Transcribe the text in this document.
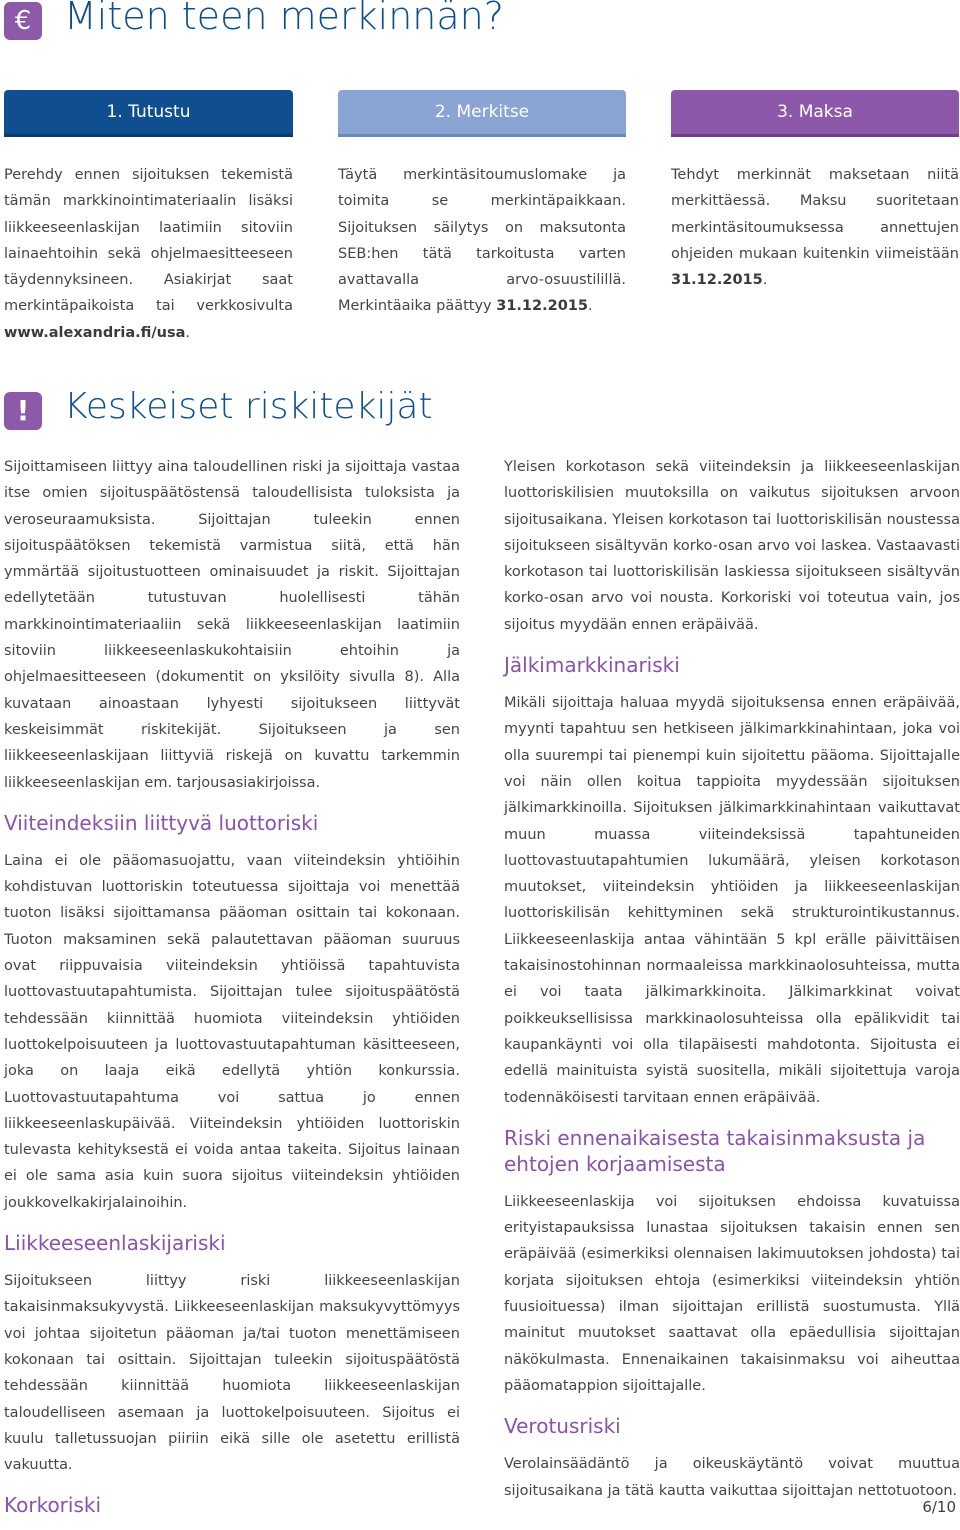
€ Miten teen merkinnän?
1. Tutustu	2. Merkitse	3. Maksa
Perehdy ennen sijoituksen tekemistä tämän markkinointimateriaalin lisäksi liikkeeseenlaskijan laatimiin sitoviin lainaehtoihin sekä ohjelmaesitteeseen täydennyksineen. Asiakirjat saat merkintäpaikoista tai verkkosivulta www.alexandria.fi/usa.
Täytä merkintäsitoumuslomake ja toimita se merkintäpaikkaan. Sijoituksen säilytys on maksutonta SEB:hen tätä tarkoitusta varten avattavalla arvo-osuustilillä. Merkintäaika päättyy 31.12.2015.
Tehdyt merkinnät maksetaan niitä merkittäessä. Maksu suoritetaan merkintäsitoumuksessa annettujen ohjeiden mukaan kuitenkin viimeistään 31.12.2015.
! Keskeiset riskitekijät

Sijoittamiseen liittyy aina taloudellinen riski ja sijoittaja vastaa itse omien sijoituspäätöstensä taloudellisista tuloksista ja veroseuraamuksista. Sijoittajan tuleekin ennen sijoituspäätöksen tekemistä varmistua siitä, että hän ymmärtää sijoitustuotteen ominaisuudet ja riskit. Sijoittajan edellytetään tutustuvan huolellisesti tähän markkinointimateriaaliin sekä liikkeeseenlaskijan laatimiin sitoviin liikkeeseenlaskukohtaisiin ehtoihin ja ohjelmaesitteeseen (dokumentit on yksilöity sivulla 8). Alla kuvataan ainoastaan lyhyesti sijoitukseen liittyvät keskeisimmät riskitekijät. Sijoitukseen ja sen liikkeeseenlaskijaan liittyviä riskejä on kuvattu tarkemmin liikkeeseenlaskijan em. tarjousasiakirjoissa.

Viiteindeksiin liittyvä luottoriski

Laina ei ole pääomasuojattu, vaan viiteindeksin yhtiöihin kohdistuvan luottoriskin toteutuessa sijoittaja voi menettää tuoton lisäksi sijoittamansa pääoman osittain tai kokonaan. Tuoton maksaminen sekä palautettavan pääoman suuruus ovat riippuvaisia viiteindeksin yhtiöissä tapahtuvista luottovastuutapahtumista. Sijoittajan tulee sijoituspäätöstä tehdessään kiinnittää huomiota viiteindeksin yhtiöiden luottokelpoisuuteen ja luottovastuutapahtuman käsitteeseen, joka on laaja eikä edellytä yhtiön konkurssia. Luottovastuutapahtuma voi sattua jo ennen liikkeeseenlaskupäivää. Viiteindeksin yhtiöiden luottoriskin tulevasta kehityksestä ei voida antaa takeita. Sijoitus lainaan ei ole sama asia kuin suora sijoitus viiteindeksin yhtiöiden joukkovelkakirjalainoihin.

Liikkeeseenlaskijariski

Sijoitukseen liittyy riski liikkeeseenlaskijan takaisinmaksukyvystä. Liikkeeseenlaskijan maksukyvyttömyys voi johtaa sijoitetun pääoman ja/tai tuoton menettämiseen kokonaan tai osittain. Sijoittajan tuleekin sijoituspäätöstä tehdessään kiinnittää huomiota liikkeeseenlaskijan taloudelliseen asemaan ja luottokelpoisuuteen. Sijoitus ei kuulu talletussuojan piiriin eikä sille ole asetettu erillistä vakuutta.

Korkoriski

Yleisen korkotason sekä viiteindeksin ja liikkeeseenlaskijan luottoriskilisien muutoksilla on vaikutus sijoituksen arvoon sijoitusaikana. Yleisen korkotason tai luottoriskilisän noustessa sijoitukseen sisältyvän korko-osan arvo voi laskea. Vastaavasti korkotason tai luottoriskilisän laskiessa sijoitukseen sisältyvän korko-osan arvo voi nousta. Korkoriski voi toteutua vain, jos sijoitus myydään ennen eräpäivää.

Jälkimarkkinariski

Mikäli sijoittaja haluaa myydä sijoituksensa ennen eräpäivää, myynti tapahtuu sen hetkiseen jälkimarkkinahintaan, joka voi olla suurempi tai pienempi kuin sijoitettu pääoma. Sijoittajalle voi näin ollen koitua tappioita myydessään sijoituksen jälkimarkkinoilla. Sijoituksen jälkimarkkinahintaan vaikuttavat muun muassa viiteindeksissä tapahtuneiden luottovastuutapahtumien lukumäärä, yleisen korkotason muutokset, viiteindeksin yhtiöiden ja liikkeeseenlaskijan luottoriskilisän kehittyminen sekä strukturointikustannus. Liikkeeseenlaskija antaa vähintään 5 kpl erälle päivittäisen takaisinostohinnan normaaleissa markkinaolosuhteissa, mutta ei voi taata jälkimarkkinoita. Jälkimarkkinat voivat poikkeuksellisissa markkinaolosuhteissa olla epälikvidit tai kaupankäynti voi olla tilapäisesti mahdotonta. Sijoitusta ei edellä mainituista syistä suositella, mikäli sijoitettuja varoja todennäköisesti tarvitaan ennen eräpäivää.

Riski ennenaikaisesta takaisinmaksusta ja ehtojen korjaamisesta

Liikkeeseenlaskija voi sijoituksen ehdoissa kuvatuissa erityistapauksissa lunastaa sijoituksen takaisin ennen sen eräpäivää (esimerkiksi olennaisen lakimuutoksen johdosta) tai korjata sijoituksen ehtoja (esimerkiksi viiteindeksin yhtiön fuusioituessa) ilman sijoittajan erillistä suostumusta. Yllä mainitut muutokset saattavat olla epäedullisia sijoittajan näkökulmasta. Ennenaikainen takaisinmaksu voi aiheuttaa pääomatappion sijoittajalle.

Verotusriski

Verolainsäädäntö ja oikeuskäytäntö voivat muuttua sijoitusaikana ja tätä kautta vaikuttaa sijoittajan nettotuotoon.

6/10
